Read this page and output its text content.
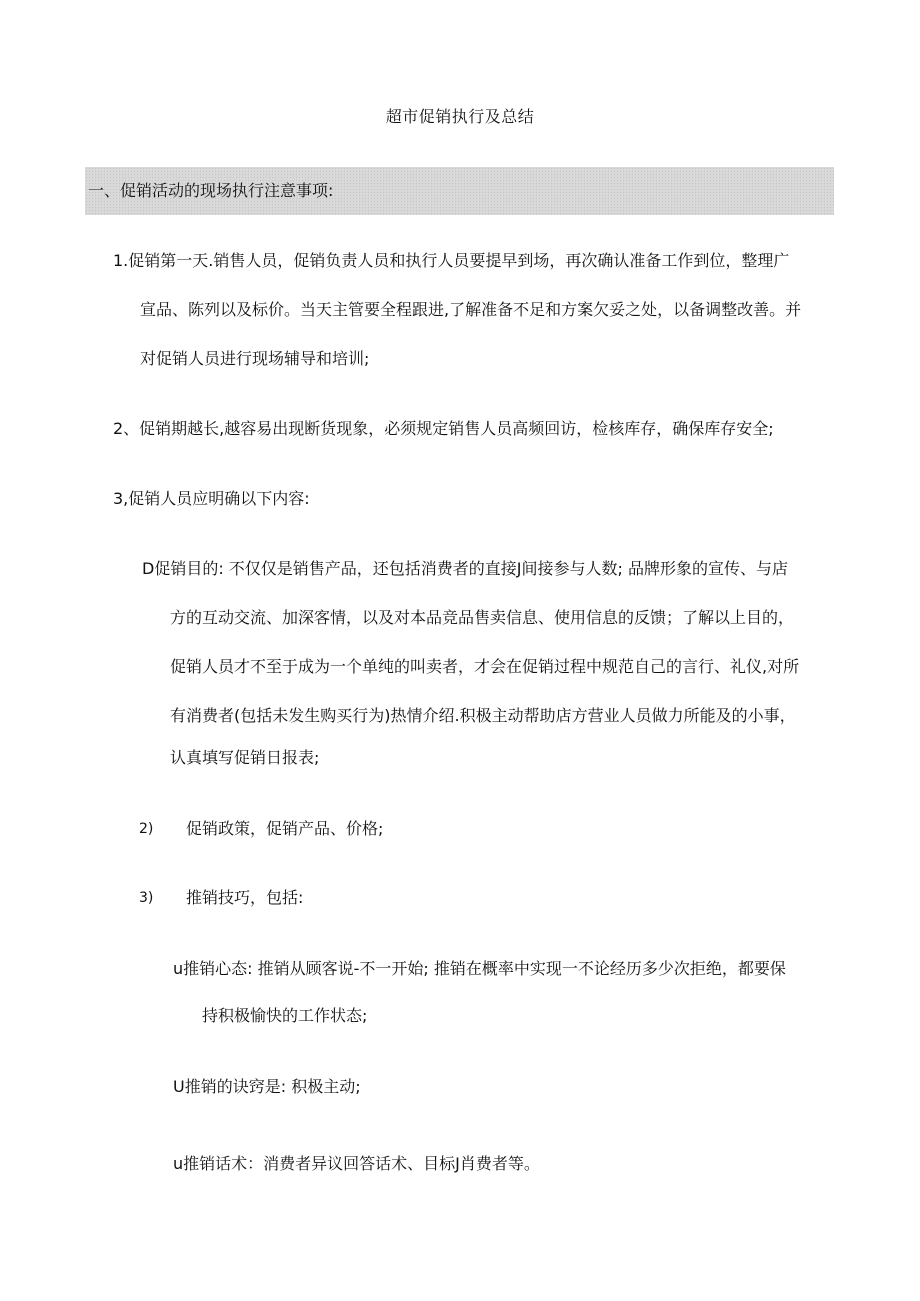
超市促销执行及总结
一、促销活动的现场执行注意事项:
1.促销第一天.销售人员，促销负责人员和执行人员要提早到场，再次确认准备工作到位，整理广
宣品、陈列以及标价。当天主管要全程跟进,了解准备不足和方案欠妥之处，以备调整改善。并
对促销人员进行现场辅导和培训;
2、促销期越长,越容易出现断货现象，必须规定销售人员高频回访，检核库存，确保库存安全;
3,促销人员应明确以下内容:
D促销目的: 不仅仅是销售产品，还包括消费者的直接J间接参与人数; 品牌形象的宣传、与店
方的互动交流、加深客情，以及对本品竞品售卖信息、使用信息的反馈；了解以上目的，
促销人员才不至于成为一个单纯的叫卖者，才会在促销过程中规范自己的言行、礼仪,对所
有消费者(包括未发生购买行为)热情介绍.积极主动帮助店方营业人员做力所能及的小事，
认真填写促销日报表;
2) 促销政策，促销产品、价格;
3) 推销技巧，包括:
u推销心态: 推销从顾客说-不一开始; 推销在概率中实现一不论经历多少次拒绝，都要保
持积极愉快的工作状态;
U推销的诀窍是: 积极主动;
u推销话术：消费者异议回答话术、目标J肖费者等。
